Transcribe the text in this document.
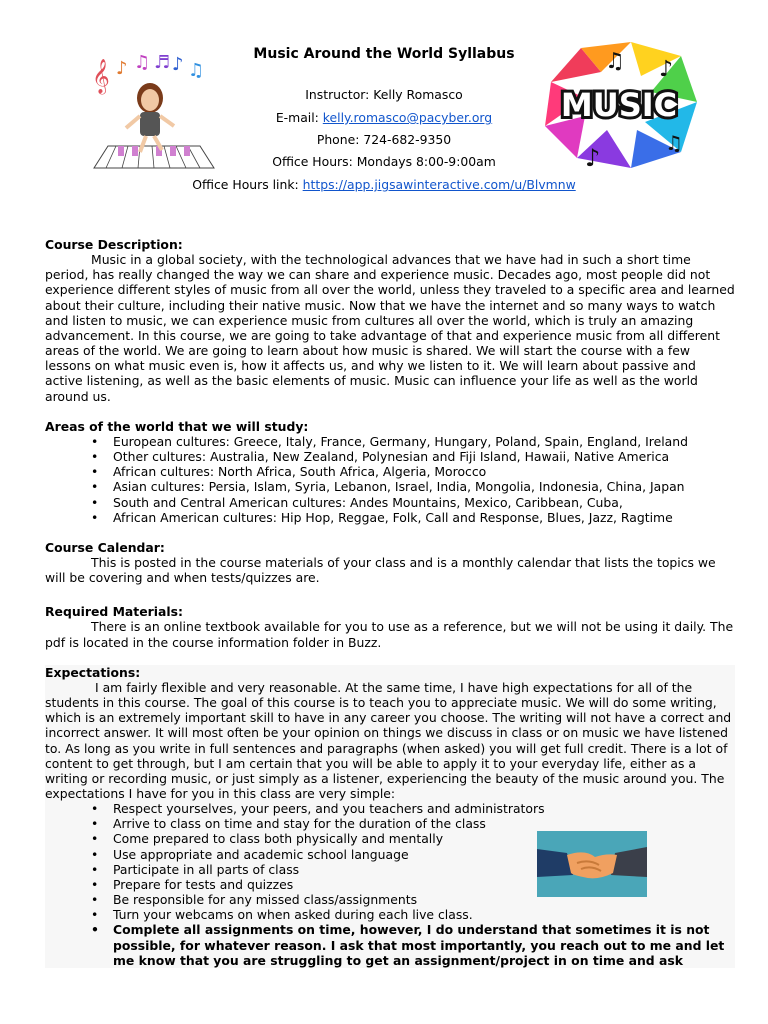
𝄞 ♪ ♫ ♬ ♪ ♫
Music Around the World Syllabus
Instructor: Kelly Romasco
E-mail: kelly.romasco@pacyber.org
Phone: 724-682-9350
Office Hours: Mondays 8:00-9:00am
Office Hours link: https://app.jigsawinteractive.com/u/Blvmnw
MUSIC
♫ ♪
♪
♫
Course Description:

Music in a global society, with the technological advances that we have had in such a short time period, has really changed the way we can share and experience music. Decades ago, most people did not experience different styles of music from all over the world, unless they traveled to a specific area and learned about their culture, including their native music. Now that we have the internet and so many ways to watch and listen to music, we can experience music from cultures all over the world, which is truly an amazing advancement. In this course, we are going to take advantage of that and experience music from all different areas of the world. We are going to learn about how music is shared. We will start the course with a few lessons on what music even is, how it affects us, and why we listen to it. We will learn about passive and active listening, as well as the basic elements of music. Music can influence your life as well as the world around us.

Areas of the world that we will study:
• European cultures: Greece, Italy, France, Germany, Hungary, Poland, Spain, England, Ireland
• Other cultures: Australia, New Zealand, Polynesian and Fiji Island, Hawaii, Native America
• African cultures: North Africa, South Africa, Algeria, Morocco
• Asian cultures: Persia, Islam, Syria, Lebanon, Israel, India, Mongolia, Indonesia, China, Japan
• South and Central American cultures: Andes Mountains, Mexico, Caribbean, Cuba,
• African American cultures: Hip Hop, Reggae, Folk, Call and Response, Blues, Jazz, Ragtime
Course Calendar:

This is posted in the course materials of your class and is a monthly calendar that lists the topics we will be covering and when tests/quizzes are.

Required Materials:

There is an online textbook available for you to use as a reference, but we will not be using it daily. The pdf is located in the course information folder in Buzz.

Expectations:

I am fairly flexible and very reasonable. At the same time, I have high expectations for all of the students in this course. The goal of this course is to teach you to appreciate music. We will do some writing, which is an extremely important skill to have in any career you choose. The writing will not have a correct and incorrect answer. It will most often be your opinion on things we discuss in class or on music we have listened to. As long as you write in full sentences and paragraphs (when asked) you will get full credit. There is a lot of content to get through, but I am certain that you will be able to apply it to your everyday life, either as a writing or recording music, or just simply as a listener, experiencing the beauty of the music around you. The expectations I have for you in this class are very simple:

• Respect yourselves, your peers, and you teachers and administrators
• Arrive to class on time and stay for the duration of the class
• Come prepared to class both physically and mentally
• Use appropriate and academic school language
• Participate in all parts of class
• Prepare for tests and quizzes
• Be responsible for any missed class/assignments
• Turn your webcams on when asked during each live class.
• Complete all assignments on time, however, I do understand that sometimes it is not possible, for whatever reason. I ask that most importantly, you reach out to me and let me know that you are struggling to get an assignment/project in on time and ask
